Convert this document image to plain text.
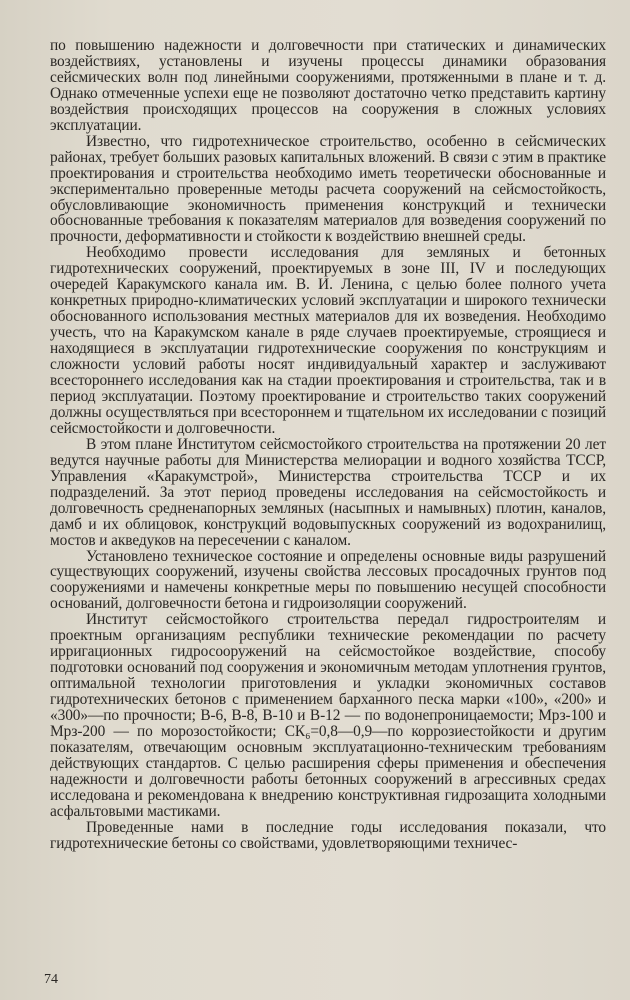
по повышению надежности и долговечности при статических и динамических воздействиях, установлены и изучены процессы динамики образования сейсмических волн под линейными сооружениями, протяженными в плане и т. д. Однако отмеченные успехи еще не позволяют достаточно четко представить картину воздействия происходящих процессов на сооружения в сложных условиях эксплуатации.

Известно, что гидротехническое строительство, особенно в сейсмических районах, требует больших разовых капитальных вложений. В связи с этим в практике проектирования и строительства необходимо иметь теоретически обоснованные и экспериментально проверенные методы расчета сооружений на сейсмостойкость, обусловливающие экономичность применения конструкций и технически обоснованные требования к показателям материалов для возведения сооружений по прочности, деформативности и стойкости к воздействию внешней среды.

Необходимо провести исследования для земляных и бетонных гидротехнических сооружений, проектируемых в зоне III, IV и последующих очередей Каракумского канала им. В. И. Ленина, с целью более полного учета конкретных природно-климатических условий эксплуатации и широкого технически обоснованного использования местных материалов для их возведения. Необходимо учесть, что на Каракумском канале в ряде случаев проектируемые, строящиеся и находящиеся в эксплуатации гидротехнические сооружения по конструкциям и сложности условий работы носят индивидуальный характер и заслуживают всестороннего исследования как на стадии проектирования и строительства, так и в период эксплуатации. Поэтому проектирование и строительство таких сооружений должны осуществляться при всестороннем и тщательном их исследовании с позиций сейсмостойкости и долговечности.

В этом плане Институтом сейсмостойкого строительства на протяжении 20 лет ведутся научные работы для Министерства мелиорации и водного хозяйства ТССР, Управления «Каракумстрой», Министерства строительства ТССР и их подразделений. За этот период проведены исследования на сейсмостойкость и долговечность средненапорных земляных (насыпных и намывных) плотин, каналов, дамб и их облицовок, конструкций водовыпускных сооружений из водохранилищ, мостов и акведуков на пересечении с каналом.

Установлено техническое состояние и определены основные виды разрушений существующих сооружений, изучены свойства лессовых просадочных грунтов под сооружениями и намечены конкретные меры по повышению несущей способности оснований, долговечности бетона и гидроизоляции сооружений.

Институт сейсмостойкого строительства передал гидростроителям и проектным организациям республики технические рекомендации по расчету ирригационных гидросооружений на сейсмостойкое воздействие, способу подготовки оснований под сооружения и экономичным методам уплотнения грунтов, оптимальной технологии приготовления и укладки экономичных составов гидротехнических бетонов с применением барханного песка марки «100», «200» и «300»—по прочности; В-6, В-8, В-10 и В-12 — по водонепроницаемости; Мрз-100 и Мрз-200 — по морозостойкости; СК₆=0,8—0,9—по коррозиестойкости и другим показателям, отвечающим основным эксплуатационно-техническим требованиям действующих стандартов. С целью расширения сферы применения и обеспечения надежности и долговечности работы бетонных сооружений в агрессивных средах исследована и рекомендована к внедрению конструктивная гидрозащита холодными асфальтовыми мастиками.

Проведенные нами в последние годы исследования показали, что гидротехнические бетоны со свойствами, удовлетворяющими техничес-

74
